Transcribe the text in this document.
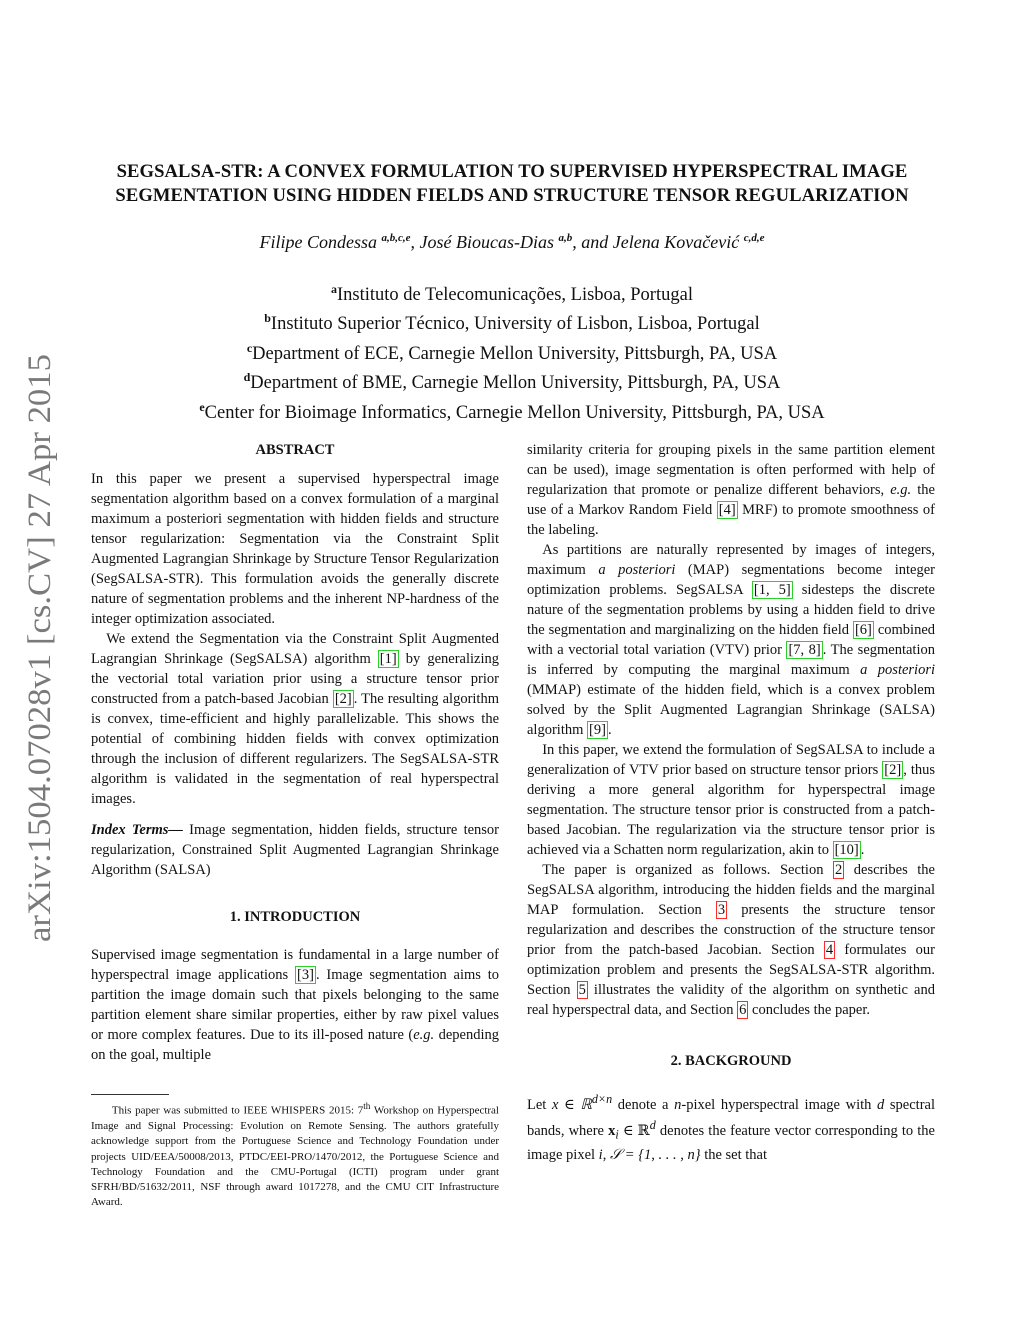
arXiv:1504.07028v1 [cs.CV] 27 Apr 2015
SEGSALSA-STR: A CONVEX FORMULATION TO SUPERVISED HYPERSPECTRAL IMAGE
SEGMENTATION USING HIDDEN FIELDS AND STRUCTURE TENSOR REGULARIZATION
Filipe Condessa $^{a,b,c,e}$, José Bioucas-Dias $^{a,b}$, and Jelena Kovačević $^{c,d,e}$
$^a$Instituto de Telecomunicações, Lisboa, Portugal
$^b$Instituto Superior Técnico, University of Lisbon, Lisboa, Portugal
$^c$Department of ECE, Carnegie Mellon University, Pittsburgh, PA, USA
$^d$Department of BME, Carnegie Mellon University, Pittsburgh, PA, USA
$^e$Center for Bioimage Informatics, Carnegie Mellon University, Pittsburgh, PA, USA
ABSTRACT

In this paper we present a supervised hyperspectral image segmentation algorithm based on a convex formulation of a marginal maximum a posteriori segmentation with hidden fields and structure tensor regularization: Segmentation via the Constraint Split Augmented Lagrangian Shrinkage by Structure Tensor Regularization (SegSALSA-STR). This formulation avoids the generally discrete nature of segmentation problems and the inherent NP-hardness of the integer optimization associated.

We extend the Segmentation via the Constraint Split Augmented Lagrangian Shrinkage (SegSALSA) algorithm [1] by generalizing the vectorial total variation prior using a structure tensor prior constructed from a patch-based Jacobian [2] . The resulting algorithm is convex, time-efficient and highly parallelizable. This shows the potential of combining hidden fields with convex optimization through the inclusion of different regularizers. The SegSALSA-STR algorithm is validated in the segmentation of real hyperspectral images.

Index Terms— Image segmentation, hidden fields, structure tensor regularization, Constrained Split Augmented Lagrangian Shrinkage Algorithm (SALSA)

1. INTRODUCTION

Supervised image segmentation is fundamental in a large number of hyperspectral image applications [3] . Image segmentation aims to partition the image domain such that pixels belonging to the same partition element share similar properties, either by raw pixel values or more complex features. Due to its ill-posed nature (e.g. depending on the goal, multiple

This paper was submitted to IEEE WHISPERS 2015: 7th Workshop on Hyperspectral Image and Signal Processing: Evolution on Remote Sensing. The authors gratefully acknowledge support from the Portuguese Science and Technology Foundation under projects UID/EEA/50008/2013, PTDC/EEI-PRO/1470/2012, the Portuguese Science and Technology Foundation and the CMU-Portugal (ICTI) program under grant SFRH/BD/51632/2011, NSF through award 1017278, and the CMU CIT Infrastructure Award.

similarity criteria for grouping pixels in the same partition element can be used), image segmentation is often performed with help of regularization that promote or penalize different behaviors, e.g. the use of a Markov Random Field [4] MRF) to promote smoothness of the labeling.

As partitions are naturally represented by images of integers, maximum a posteriori (MAP) segmentations become integer optimization problems. SegSALSA [1, 5] sidesteps the discrete nature of the segmentation problems by using a hidden field to drive the segmentation and marginalizing on the hidden field [6] combined with a vectorial total variation (VTV) prior [7, 8] . The segmentation is inferred by computing the marginal maximum a posteriori (MMAP) estimate of the hidden field, which is a convex problem solved by the Split Augmented Lagrangian Shrinkage (SALSA) algorithm [9] .

In this paper, we extend the formulation of SegSALSA to include a generalization of VTV prior based on structure tensor priors [2] , thus deriving a more general algorithm for hyperspectral image segmentation. The structure tensor prior is constructed from a patch-based Jacobian. The regularization via the structure tensor prior is achieved via a Schatten norm regularization, akin to [10] .

The paper is organized as follows. Section 2 describes the SegSALSA algorithm, introducing the hidden fields and the marginal MAP formulation. Section 3 presents the structure tensor regularization and describes the construction of the structure tensor prior from the patch-based Jacobian. Section 4 formulates our optimization problem and presents the SegSALSA-STR algorithm. Section 5 illustrates the validity of the algorithm on synthetic and real hyperspectral data, and Section 6 concludes the paper.

2. BACKGROUND

Let x ∈ ℝ$^{d\times n}$ denote a n-pixel hyperspectral image with d spectral bands, where $x_i$ ∈ ℝ$^d$ denotes the feature vector corresponding to the image pixel i, 𝒮 = {1, . . . , n} the set that
